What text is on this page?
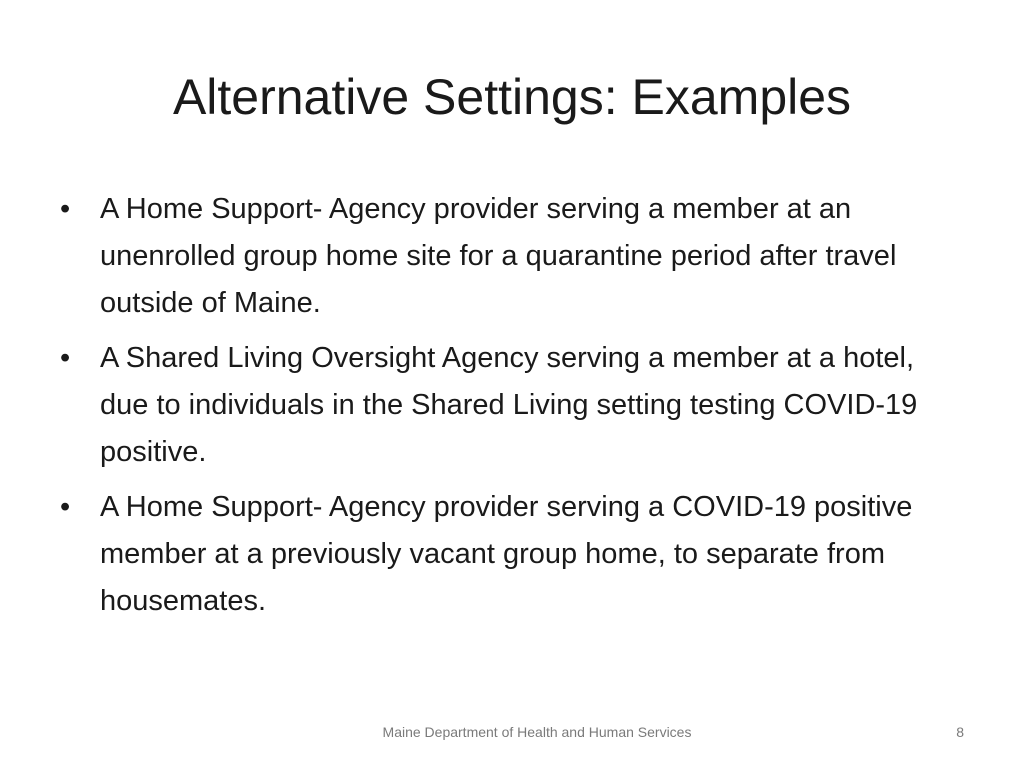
Alternative Settings: Examples
•	A Home Support- Agency provider serving a member at an unenrolled group home site for a quarantine period after travel outside of Maine.
•	A Shared Living Oversight Agency serving a member at a hotel, due to individuals in the Shared Living setting testing COVID-19 positive.
•	A Home Support- Agency provider serving a COVID-19 positive member at a previously vacant group home, to separate from housemates.
Maine Department of Health and Human Services	8
